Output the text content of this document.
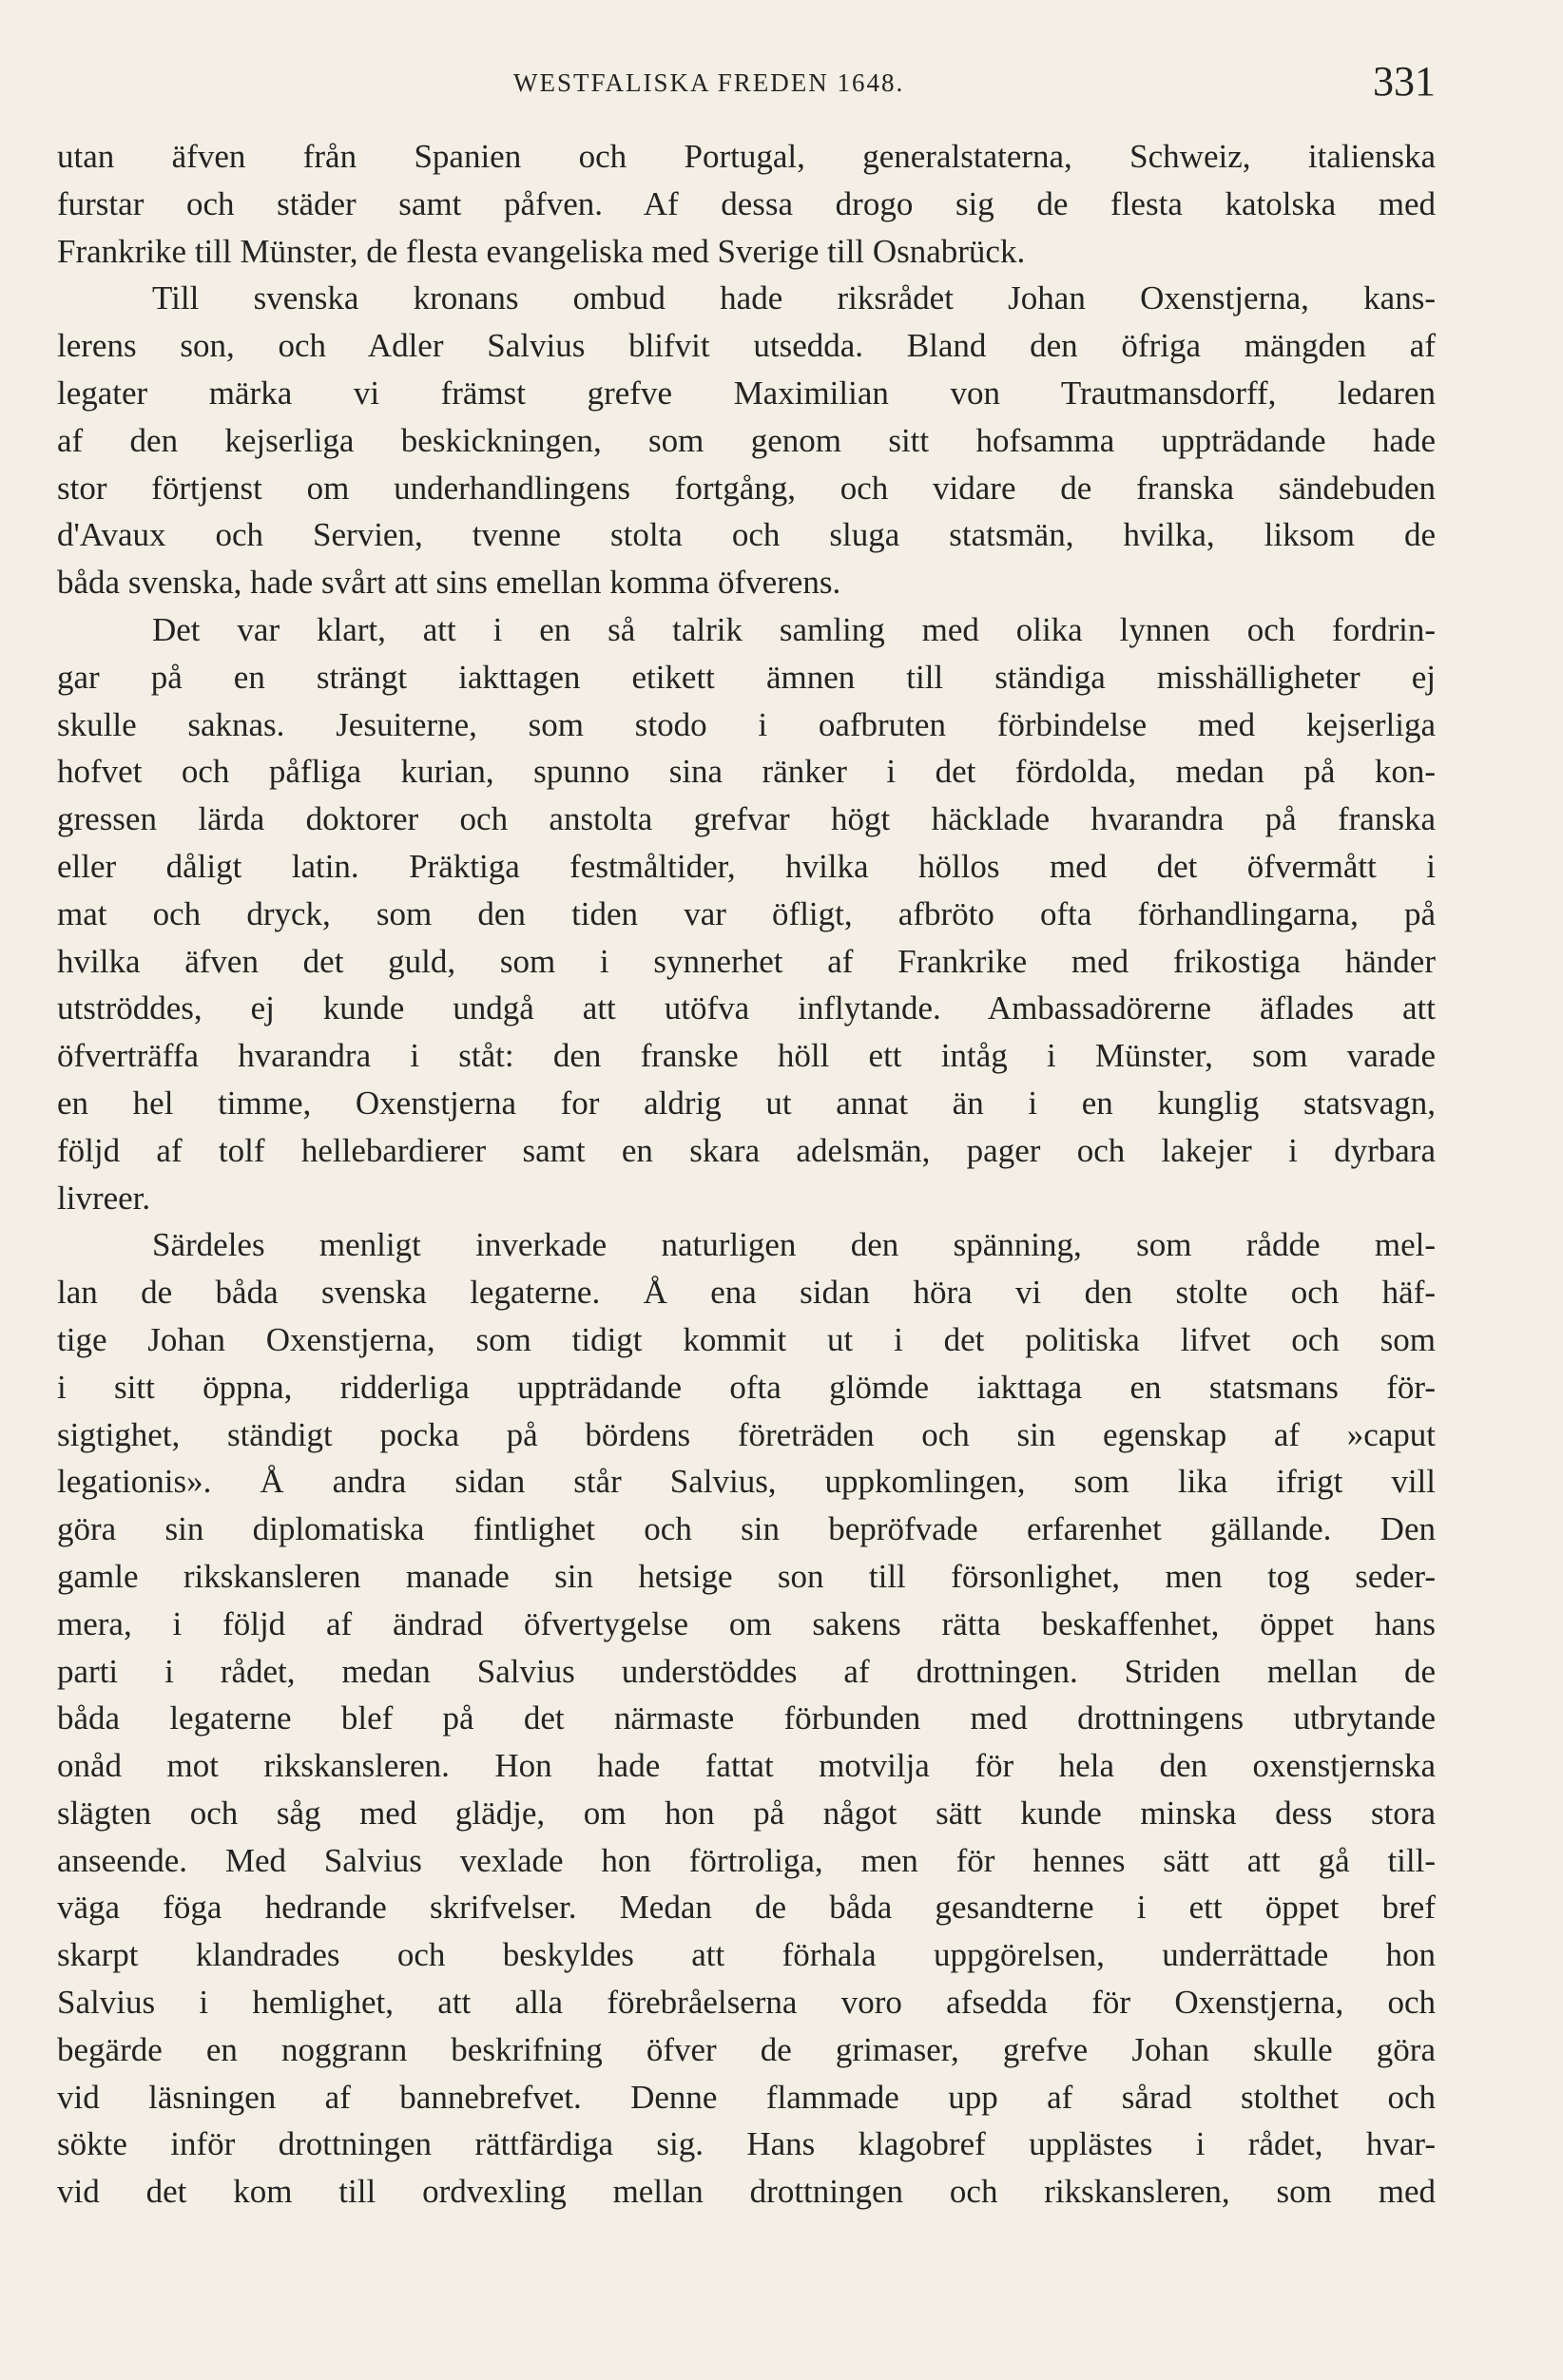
WESTFALISKA FREDEN 1648.	331
utan äfven från Spanien och Portugal, generalstaterna, Schweiz, italienska
furstar och städer samt påfven. Af dessa drogo sig de flesta katolska med
Frankrike till Münster, de flesta evangeliska med Sverige till Osnabrück.
Till svenska kronans ombud hade riksrådet Johan Oxenstjerna, kans-
lerens son, och Adler Salvius blifvit utsedda. Bland den öfriga mängden af
legater märka vi främst grefve Maximilian von Trautmansdorff, ledaren
af den kejserliga beskickningen, som genom sitt hofsamma uppträdande hade
stor förtjenst om underhandlingens fortgång, och vidare de franska sändebuden
d'Avaux och Servien, tvenne stolta och sluga statsmän, hvilka, liksom de
båda svenska, hade svårt att sins emellan komma öfverens.
Det var klart, att i en så talrik samling med olika lynnen och fordrin-
gar på en strängt iakttagen etikett ämnen till ständiga misshälligheter ej
skulle saknas. Jesuiterne, som stodo i oafbruten förbindelse med kejserliga
hofvet och påfliga kurian, spunno sina ränker i det fördolda, medan på kon-
gressen lärda doktorer och anstolta grefvar högt häcklade hvarandra på franska
eller dåligt latin. Präktiga festmåltider, hvilka höllos med det öfvermått i
mat och dryck, som den tiden var öfligt, afbröto ofta förhandlingarna, på
hvilka äfven det guld, som i synnerhet af Frankrike med frikostiga händer
utströddes, ej kunde undgå att utöfva inflytande. Ambassadörerne äflades att
öfverträffa hvarandra i ståt: den franske höll ett intåg i Münster, som varade
en hel timme, Oxenstjerna for aldrig ut annat än i en kunglig statsvagn,
följd af tolf hellebardierer samt en skara adelsmän, pager och lakejer i dyrbara
livreer.
Särdeles menligt inverkade naturligen den spänning, som rådde mel-
lan de båda svenska legaterne. Å ena sidan höra vi den stolte och häf-
tige Johan Oxenstjerna, som tidigt kommit ut i det politiska lifvet och som
i sitt öppna, ridderliga uppträdande ofta glömde iakttaga en statsmans för-
sigtighet, ständigt pocka på bördens företräden och sin egenskap af »caput
legationis». Å andra sidan står Salvius, uppkomlingen, som lika ifrigt vill
göra sin diplomatiska fintlighet och sin bepröfvade erfarenhet gällande. Den
gamle rikskansleren manade sin hetsige son till försonlighet, men tog seder-
mera, i följd af ändrad öfvertygelse om sakens rätta beskaffenhet, öppet hans
parti i rådet, medan Salvius understöddes af drottningen. Striden mellan de
båda legaterne blef på det närmaste förbunden med drottningens utbrytande
onåd mot rikskansleren. Hon hade fattat motvilja för hela den oxenstjernska
slägten och såg med glädje, om hon på något sätt kunde minska dess stora
anseende. Med Salvius vexlade hon förtroliga, men för hennes sätt att gå till-
väga föga hedrande skrifvelser. Medan de båda gesandterne i ett öppet bref
skarpt klandrades och beskyldes att förhala uppgörelsen, underrättade hon
Salvius i hemlighet, att alla förebråelserna voro afsedda för Oxenstjerna, och
begärde en noggrann beskrifning öfver de grimaser, grefve Johan skulle göra
vid läsningen af bannebrefvet. Denne flammade upp af sårad stolthet och
sökte inför drottningen rättfärdiga sig. Hans klagobref upplästes i rådet, hvar-
vid det kom till ordvexling mellan drottningen och rikskansleren, som med
